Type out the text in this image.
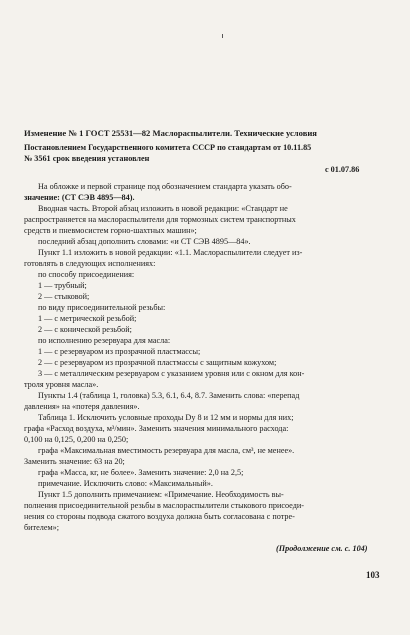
Изменение № 1 ГОСТ 25531—82 Маслораспылители. Технические условия
Постановлением Государственного комитета СССР по стандартам от 10.11.85
№ 3561 срок введения установлен
с 01.07.86
На обложке и первой странице под обозначением стандарта указать обо-
значение: (СТ СЭВ 4895—84).
Вводная часть. Второй абзац изложить в новой редакции: «Стандарт не
распространяется на маслораспылители для тормозных систем транспортных
средств и пневмосистем горно-шахтных машин»;
последний абзац дополнить словами: «и СТ СЭВ 4895—84».
Пункт 1.1 изложить в новой редакции: «1.1. Маслораспылители следует из-
готовлять в следующих исполнениях:
по способу присоединения:
1 — трубный;
2 — стыковой;
по виду присоединительной резьбы:
1 — с метрической резьбой;
2 — с конической резьбой;
по исполнению резервуара для масла:
1 — с резервуаром из прозрачной пластмассы;
2 — с резервуаром из прозрачной пластмассы с защитным кожухом;
3 — с металлическим резервуаром с указанием уровня или с окном для кон-
троля уровня масла».
Пункты 1.4 (таблица 1, головка) 5.3, 6.1, 6.4, 8.7. Заменить слова: «перепад
давления» на «потеря давления».
Таблица 1. Исключить условные проходы Dу 8 и 12 мм и нормы для них;
графа «Расход воздуха, м³/мин». Заменить значения минимального расхода:
0,100 на 0,125, 0,200 на 0,250;
графа «Максимальная вместимость резервуара для масла, см³, не менее».
Заменить значение: 63 на 20;
графа «Масса, кг, не более». Заменить значение: 2,0 на 2,5;
примечание. Исключить слово: «Максимальный».
Пункт 1.5 дополнить примечанием: «Примечание. Необходимость вы-
полнения присоединительной резьбы в маслораспылители стыкового присоеди-
нения со стороны подвода сжатого воздуха должна быть согласована с потре-
бителем»;
(Продолжение см. с. 104)
103
